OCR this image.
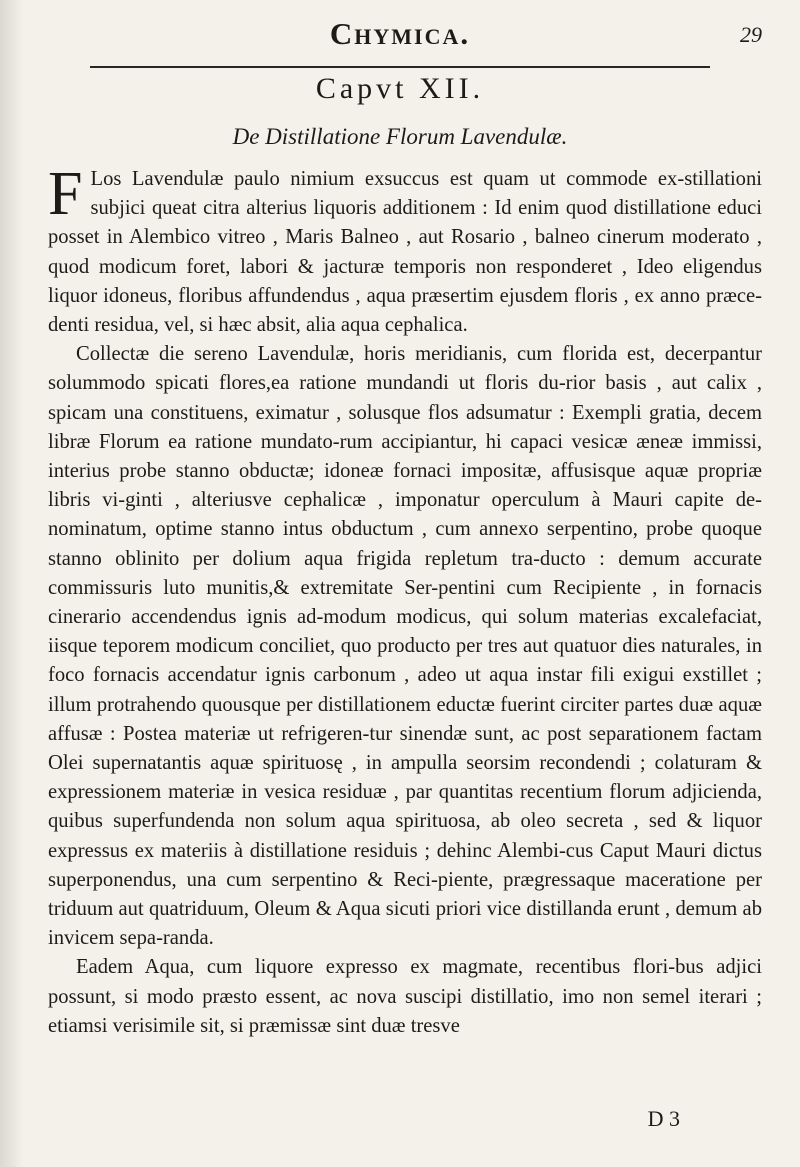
Chymica.	29
Capvt XII.
De Distillatione Florum Lavendulæ.

F Los Lavendulæ paulo nimium exsuccus est quam ut commode ex-stillationi subjici queat citra alterius liquoris additionem : Id enim quod distillatione educi posset in Alembico vitreo , Maris Balneo , aut Rosario , balneo cinerum moderato , quod modicum foret, labori & jacturæ temporis non responderet , Ideo eligendus liquor idoneus, floribus affundendus , aqua præsertim ejusdem floris , ex anno præce-denti residua, vel, si hæc absit, alia aqua cephalica.

Collectæ die sereno Lavendulæ, horis meridianis, cum florida est, decerpantur solummodo spicati flores,ea ratione mundandi ut floris du-rior basis , aut calix , spicam una constituens, eximatur , solusque flos adsumatur : Exempli gratia, decem libræ Florum ea ratione mundato-rum accipiantur, hi capaci vesicæ æneæ immissi, interius probe stanno obductæ; idoneæ fornaci impositæ, affusisque aquæ propriæ libris vi-ginti , alteriusve cephalicæ , imponatur operculum à Mauri capite de-nominatum, optime stanno intus obductum , cum annexo serpentino, probe quoque stanno oblinito per dolium aqua frigida repletum tra-ducto : demum accurate commissuris luto munitis,& extremitate Ser-pentini cum Recipiente , in fornacis cinerario accendendus ignis ad-modum modicus, qui solum materias excalefaciat, iisque teporem modicum conciliet, quo producto per tres aut quatuor dies naturales, in foco fornacis accendatur ignis carbonum , adeo ut aqua instar fili exigui exstillet ; illum protrahendo quousque per distillationem eductæ fuerint circiter partes duæ aquæ affusæ : Postea materiæ ut refrigeren-tur sinendæ sunt, ac post separationem factam Olei supernatantis aquæ spirituosę , in ampulla seorsim recondendi ; colaturam & expressionem materiæ in vesica residuæ , par quantitas recentium florum adjicienda, quibus superfundenda non solum aqua spirituosa, ab oleo secreta , sed & liquor expressus ex materiis à distillatione residuis ; dehinc Alembi-cus Caput Mauri dictus superponendus, una cum serpentino & Reci-piente, prægressaque maceratione per triduum aut quatriduum, Oleum & Aqua sicuti priori vice distillanda erunt , demum ab invicem sepa-randa.

Eadem Aqua, cum liquore expresso ex magmate, recentibus flori-bus adjici possunt, si modo præsto essent, ac nova suscipi distillatio, imo non semel iterari ; etiamsi verisimile sit, si præmissæ sint duæ tresve

D 3
